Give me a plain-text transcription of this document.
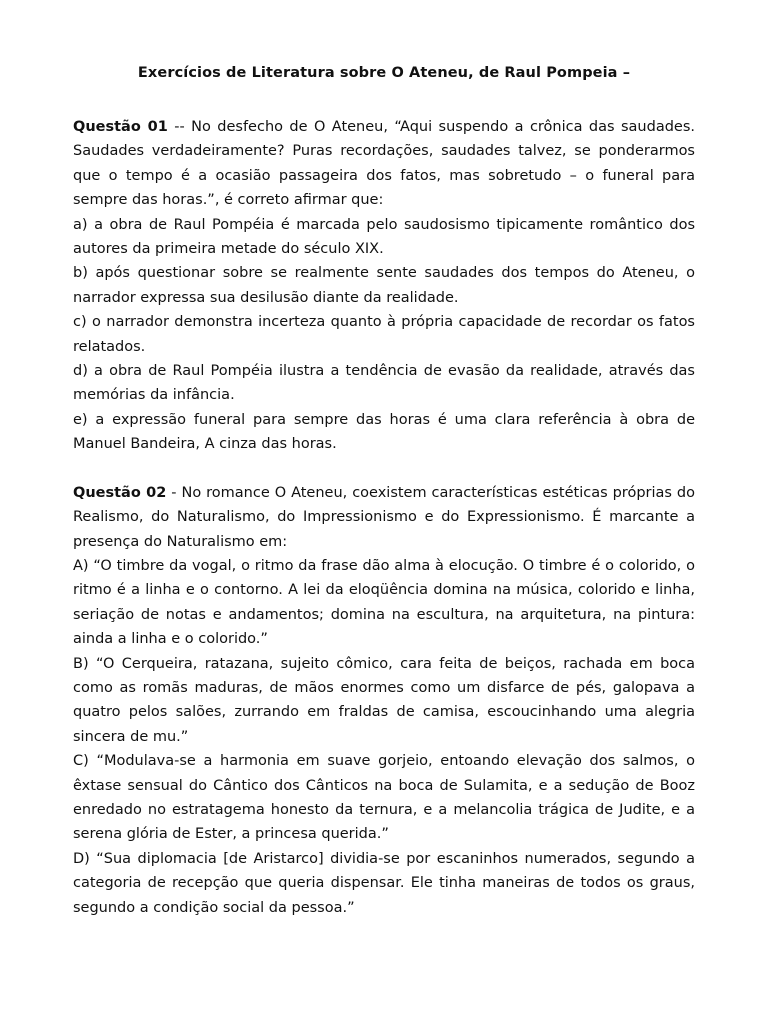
Exercícios de Literatura sobre O Ateneu, de Raul Pompeia –

Questão 01 -- No desfecho de O Ateneu, “Aqui suspendo a crônica das saudades. Saudades verdadeiramente? Puras recordações, saudades talvez, se ponderarmos que o tempo é a ocasião passageira dos fatos, mas sobretudo – o funeral para sempre das horas.”, é correto afirmar que:

a) a obra de Raul Pompéia é marcada pelo saudosismo tipicamente romântico dos autores da primeira metade do século XIX.

b) após questionar sobre se realmente sente saudades dos tempos do Ateneu, o narrador expressa sua desilusão diante da realidade.

c) o narrador demonstra incerteza quanto à própria capacidade de recordar os fatos relatados.

d) a obra de Raul Pompéia ilustra a tendência de evasão da realidade, através das memórias da infância.

e) a expressão funeral para sempre das horas é uma clara referência à obra de Manuel Bandeira, A cinza das horas.

Questão 02 - No romance O Ateneu, coexistem características estéticas próprias do Realismo, do Naturalismo, do Impressionismo e do Expressionismo. É marcante a presença do Naturalismo em:

A) “O timbre da vogal, o ritmo da frase dão alma à elocução. O timbre é o colorido, o ritmo é a linha e o contorno. A lei da eloqüência domina na música, colorido e linha, seriação de notas e andamentos; domina na escultura, na arquitetura, na pintura: ainda a linha e o colorido.”

B) “O Cerqueira, ratazana, sujeito cômico, cara feita de beiços, rachada em boca como as romãs maduras, de mãos enormes como um disfarce de pés, galopava a quatro pelos salões, zurrando em fraldas de camisa, escoucinhando uma alegria sincera de mu.”

C) “Modulava-se a harmonia em suave gorjeio, entoando elevação dos salmos, o êxtase sensual do Cântico dos Cânticos na boca de Sulamita, e a sedução de Booz enredado no estratagema honesto da ternura, e a melancolia trágica de Judite, e a serena glória de Ester, a princesa querida.”

D) “Sua diplomacia [de Aristarco] dividia-se por escaninhos numerados, segundo a categoria de recepção que queria dispensar. Ele tinha maneiras de todos os graus, segundo a condição social da pessoa.”
